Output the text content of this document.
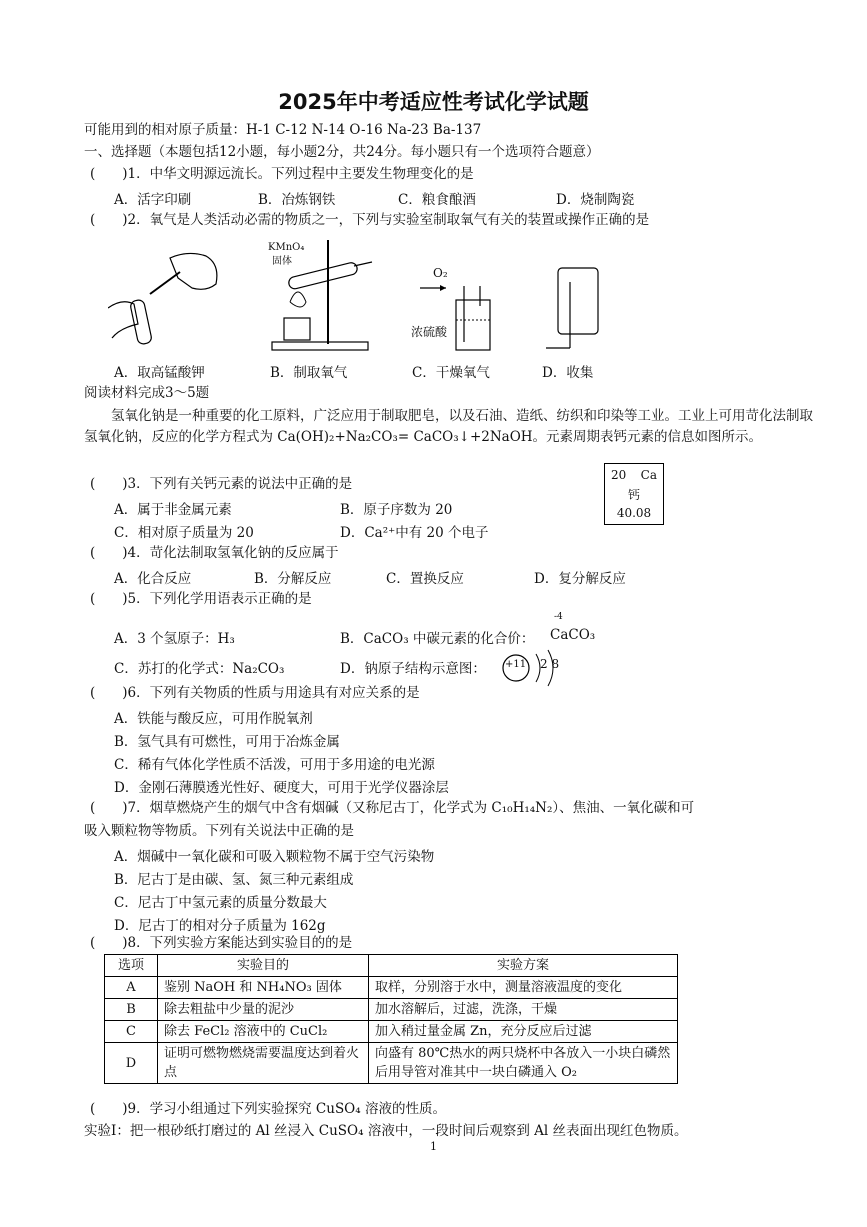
2025年中考适应性考试化学试题
可能用到的相对原子质量：H-1 C-12 N-14 O-16 Na-23 Ba-137
一、选择题（本题包括12小题，每小题2分，共24分。每小题只有一个选项符合题意）
(　　)1．中华文明源远流长。下列过程中主要发生物理变化的是
A．活字印刷	B．冶炼钢铁	C．粮食酿酒	D．烧制陶瓷
(　　)2．氧气是人类活动必需的物质之一，下列与实验室制取氧气有关的装置或操作正确的是
KMnO₄
固体
O₂
浓硫酸
A．取高锰酸钾	B．制取氧气	C．干燥氧气	D．收集
阅读材料完成3～5题
氢氧化钠是一种重要的化工原料，广泛应用于制取肥皂，以及石油、造纸、纺织和印染等工业。工业上可用苛化法制取氢氧化钠，反应的化学方程式为 Ca(OH)₂+Na₂CO₃= CaCO₃↓+2NaOH。元素周期表钙元素的信息如图所示。
20 Ca
钙
40.08
(　　)3．下列有关钙元素的说法中正确的是
A．属于非金属元素	B．原子序数为 20
C．相对原子质量为 20	D．Ca²⁺中有 20 个电子
(　　)4．苛化法制取氢氧化钠的反应属于
A．化合反应	B．分解反应	C．置换反应	D．复分解反应
(　　)5．下列化学用语表示正确的是
A．3 个氢原子：H₃	B．CaCO₃ 中碳元素的化合价：
-4
CaCO₃
C．苏打的化学式：Na₂CO₃	D．钠原子结构示意图： +11 2 8
(　　)6．下列有关物质的性质与用途具有对应关系的是
A．铁能与酸反应，可用作脱氧剂
B．氢气具有可燃性，可用于冶炼金属
C．稀有气体化学性质不活泼，可用于多用途的电光源
D．金刚石薄膜透光性好、硬度大，可用于光学仪器涂层
(　　)7．烟草燃烧产生的烟气中含有烟碱（又称尼古丁，化学式为 C₁₀H₁₄N₂）、焦油、一氧化碳和可
吸入颗粒物等物质。下列有关说法中正确的是
A．烟碱中一氧化碳和可吸入颗粒物不属于空气污染物
B．尼古丁是由碳、氢、氮三种元素组成
C．尼古丁中氢元素的质量分数最大
D．尼古丁的相对分子质量为 162g
(　　)8．下列实验方案能达到实验目的的是
选项	实验目的	实验方案
A	鉴别 NaOH 和 NH₄NO₃ 固体	取样，分别溶于水中，测量溶液温度的变化
B	除去粗盐中少量的泥沙	加水溶解后，过滤，洗涤，干燥
C	除去 FeCl₂ 溶液中的 CuCl₂	加入稍过量金属 Zn，充分反应后过滤
D	证明可燃物燃烧需要温度达到着火点	向盛有 80℃热水的两只烧杯中各放入一小块白磷然后用导管对准其中一块白磷通入 O₂
(　　)9．学习小组通过下列实验探究 CuSO₄ 溶液的性质。
实验Ⅰ：把一根砂纸打磨过的 Al 丝浸入 CuSO₄ 溶液中，一段时间后观察到 Al 丝表面出现红色物质。
1
